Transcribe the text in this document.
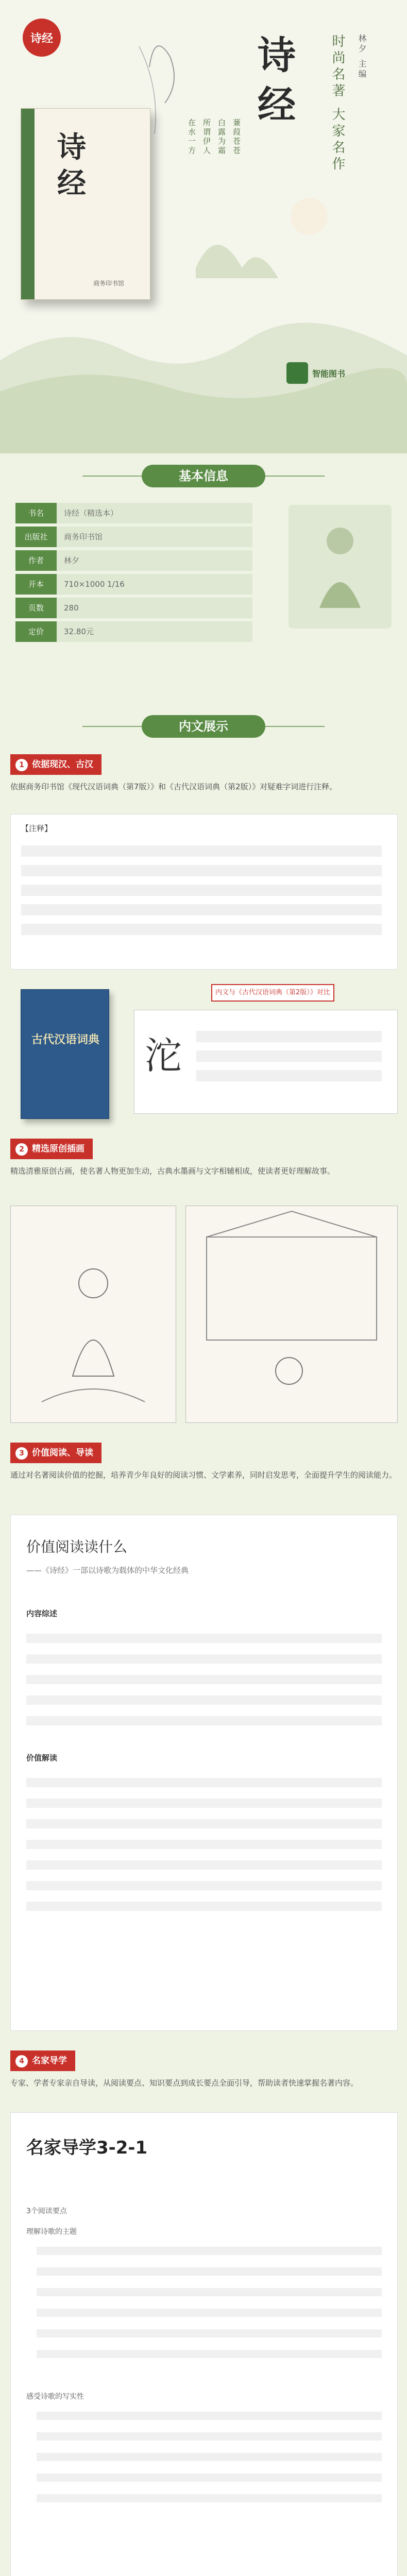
诗经	诗经	时尚名著 大家名作 林夕 主编
蒹葭苍苍
白露为霜
所谓伊人
在水一方
诗经
商务印书馆
智能图书
基本信息
书名	诗经（精选本）
出版社	商务印书馆
作者	林夕
开本	710×1000 1/16
页数	280
定价	32.80元
内文展示
1 依据现汉、古汉
依据商务印书馆《现代汉语词典（第7版）》和《古代汉语词典（第2版）》对疑难字词进行注释。
【注释】
古代汉语词典
内文与《古代汉语词典（第2版）》对比
沱
2 精选原创插画
精选清雅原创古画，使名著人物更加生动，古典水墨画与文字相辅相成，使读者更好理解故事。
3 价值阅读、导读
通过对名著阅读价值的挖掘，培养青少年良好的阅读习惯、文学素养，同时启发思考，全面提升学生的阅读能力。
价值阅读读什么
——《诗经》一部以诗歌为载体的中华文化经典
内容综述
价值解读
4 名家导学
专家、学者专家亲自导读，从阅读要点、知识要点到成长要点全面引导，帮助读者快速掌握名著内容。
名家导学3-2-1
3个阅读要点
理解诗歌的主题
感受诗歌的写实性
